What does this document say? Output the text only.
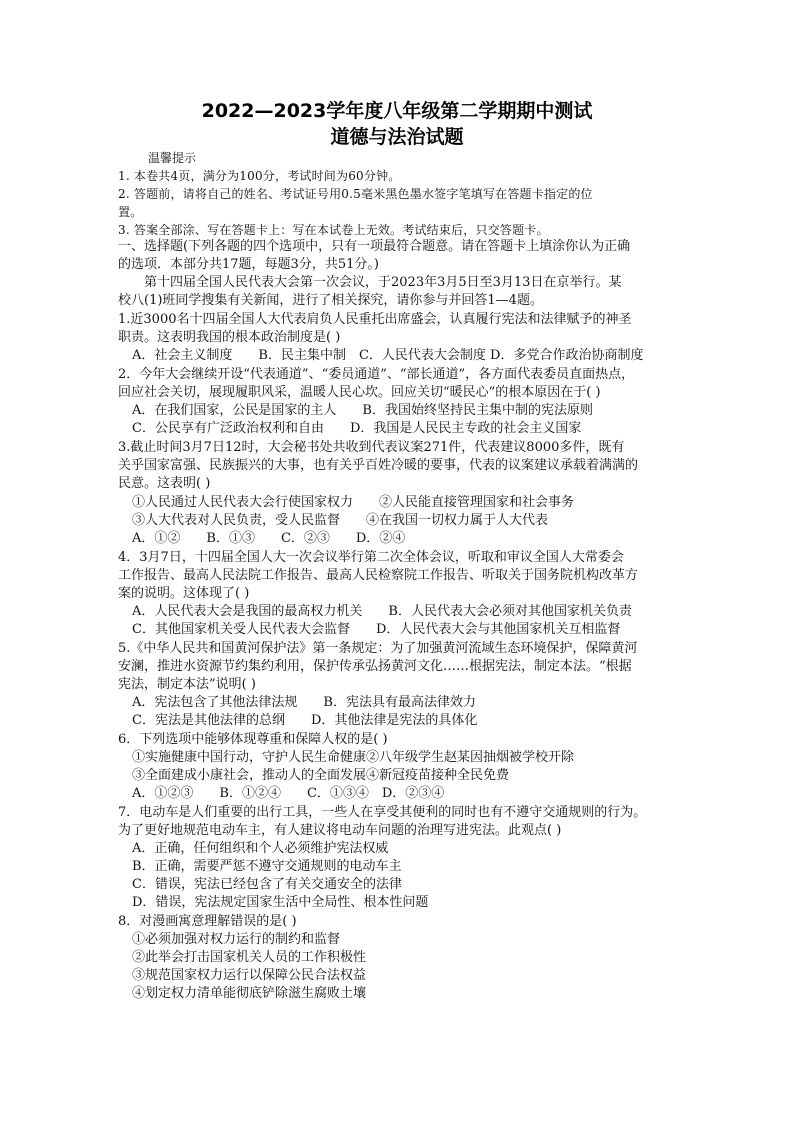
2022—2023学年度八年级第二学期期中测试
道德与法治试题
温馨提示
1. 本卷共4页，满分为100分，考试时间为60分钟。
2. 答题前，请将自己的姓名、考试证号用0.5毫米黑色墨水签字笔填写在答题卡指定的位
置。
3. 答案全部涂、写在答题卡上：写在本试卷上无效。考试结束后，只交答题卡。
一、选择题(下列各题的四个选项中，只有一项最符合题意。请在答题卡上填涂你认为正确
的选项．本部分共17题，每题3分，共51分。)
　　第十四届全国人民代表大会第一次会议，于2023年3月5日至3月13日在京举行。某
校八(1)班同学搜集有关新闻，进行了相关探究，请你参与并回答1—4题。
1.近3000名十四届全国人大代表肩负人民重托出席盛会，认真履行宪法和法律赋予的神圣
职责。这表明我国的根本政治制度是( )
A．社会主义制度　　B．民主集中制　C．人民代表大会制度 D．多党合作政治协商制度
2．今年大会继续开设“代表通道”、“委员通道”、“部长通道”，各方面代表委员直面热点，
回应社会关切，展现履职风采，温暖人民心坎。回应关切“暖民心”的根本原因在于( )
A．在我们国家，公民是国家的主人　　B．我国始终坚持民主集中制的宪法原则
C．公民享有广泛政治权利和自由　　D．我国是人民民主专政的社会主义国家
3.截止时间3月7日12时，大会秘书处共收到代表议案271件，代表建议8000多件，既有
关乎国家富强、民族振兴的大事，也有关乎百姓冷暖的要事，代表的议案建议承载着满满的
民意。这表明( )
①人民通过人民代表大会行使国家权力　　②人民能直接管理国家和社会事务
③人大代表对人民负责，受人民监督　　④在我国一切权力属于人大代表
A．①②　　B．①③　　C．②③　　D．②④
4．3月7日，十四届全国人大一次会议举行第二次全体会议，听取和审议全国人大常委会
工作报告、最高人民法院工作报告、最高人民检察院工作报告、听取关于国务院机构改革方
案的说明。这体现了( )
A．人民代表大会是我国的最高权力机关　　B．人民代表大会必须对其他国家机关负责
C．其他国家机关受人民代表大会监督　　D．人民代表大会与其他国家机关互相监督
5.《中华人民共和国黄河保护法》第一条规定：为了加强黄河流域生态环境保护，保障黄河
安澜，推进水资源节约集约利用，保护传承弘扬黄河文化……根据宪法，制定本法。“根据
宪法，制定本法”说明( )
A．宪法包含了其他法律法规　　B．宪法具有最高法律效力
C．宪法是其他法律的总纲　　D．其他法律是宪法的具体化
6．下列选项中能够体现尊重和保障人权的是( )
①实施健康中国行动，守护人民生命健康②八年级学生赵某因抽烟被学校开除
③全面建成小康社会，推动人的全面发展④新冠疫苗接种全民免费
A．①②③　　B．①②④　　C．①③④　D．②③④
7．电动车是人们重要的出行工具，一些人在享受其便利的同时也有不遵守交通规则的行为。
为了更好地规范电动车主，有人建议将电动车问题的治理写进宪法。此观点( )
A．正确，任何组织和个人必须维护宪法权威
B．正确，需要严惩不遵守交通规则的电动车主
C．错误，宪法已经包含了有关交通安全的法律
D．错误，宪法规定国家生活中全局性、根本性问题
8．对漫画寓意理解错误的是( )
①必须加强对权力运行的制约和监督
②此举会打击国家机关人员的工作积极性
③规范国家权力运行以保障公民合法权益
④划定权力清单能彻底铲除滋生腐败土壤
